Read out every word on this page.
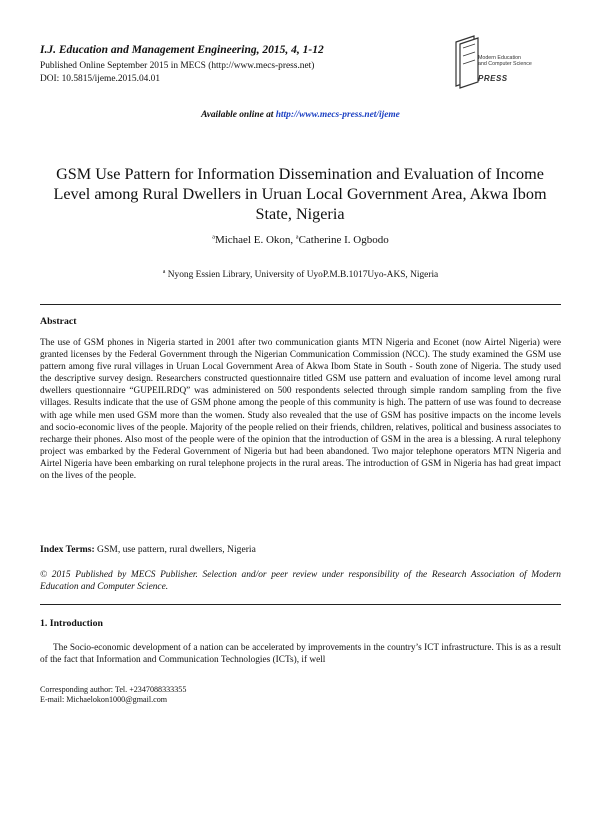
I.J. Education and Management Engineering, 2015, 4, 1-12
Published Online September 2015 in MECS (http://www.mecs-press.net)
DOI: 10.5815/ijeme.2015.04.01
Modern Education
and Computer Science
PRESS
Available online at http://www.mecs-press.net/ijeme
GSM Use Pattern for Information Dissemination and Evaluation of Income Level among Rural Dwellers in Uruan Local Government Area, Akwa Ibom State, Nigeria
$^a$Michael E. Okon, $^a$Catherine I. Ogbodo
$^a$ Nyong Essien Library, University of UyoP.M.B.1017Uyo-AKS, Nigeria
Abstract
The use of GSM phones in Nigeria started in 2001 after two communication giants MTN Nigeria and Econet (now Airtel Nigeria) were granted licenses by the Federal Government through the Nigerian Communication Commission (NCC). The study examined the GSM use pattern among five rural villages in Uruan Local Government Area of Akwa Ibom State in South - South zone of Nigeria. The study used the descriptive survey design. Researchers constructed questionnaire titled GSM use pattern and evaluation of income level among rural dwellers questionnaire “GUPEILRDQ” was administered on 500 respondents selected through simple random sampling from the five villages. Results indicate that the use of GSM phone among the people of this community is high. The pattern of use was found to decrease with age while men used GSM more than the women. Study also revealed that the use of GSM has positive impacts on the income levels and socio-economic lives of the people. Majority of the people relied on their friends, children, relatives, political and business associates to recharge their phones. Also most of the people were of the opinion that the introduction of GSM in the area is a blessing. A rural telephony project was embarked by the Federal Government of Nigeria but had been abandoned. Two major telephone operators MTN Nigeria and Airtel Nigeria have been embarking on rural telephone projects in the rural areas. The introduction of GSM in Nigeria has had great impact on the lives of the people.
Index Terms: GSM, use pattern, rural dwellers, Nigeria
© 2015 Published by MECS Publisher. Selection and/or peer review under responsibility of the Research Association of Modern Education and Computer Science.
1. Introduction
The Socio-economic development of a nation can be accelerated by improvements in the country’s ICT infrastructure. This is as a result of the fact that Information and Communication Technologies (ICTs), if well
Corresponding author: Tel. +2347088333355
E-mail: Michaelokon1000@gmail.com
